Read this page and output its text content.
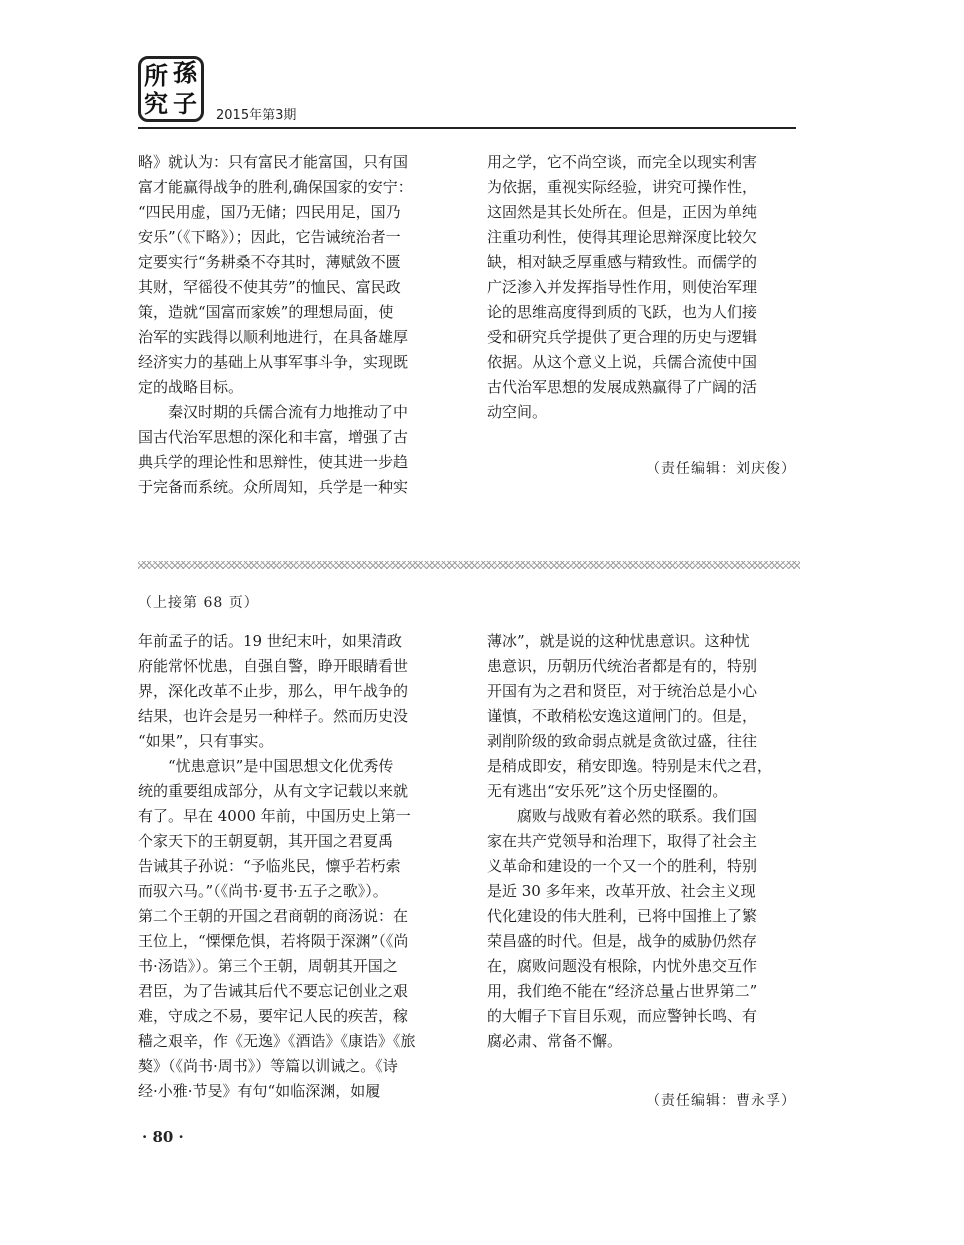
所 孫
究 子 2015年第3期

略》就认为：只有富民才能富国，只有国

富才能赢得战争的胜利,确保国家的安宁：

“四民用虚，国乃无储；四民用足，国乃

安乐”（《下略》）；因此，它告诫统治者一

定要实行“务耕桑不夺其时，薄赋敛不匮

其财，罕徭役不使其劳”的恤民、富民政

策，造就“国富而家娭”的理想局面，使

治军的实践得以顺利地进行，在具备雄厚

经济实力的基础上从事军事斗争，实现既

定的战略目标。

　　秦汉时期的兵儒合流有力地推动了中

国古代治军思想的深化和丰富，增强了古

典兵学的理论性和思辩性，使其进一步趋

于完备而系统。众所周知，兵学是一种实

用之学，它不尚空谈，而完全以现实利害

为依据，重视实际经验，讲究可操作性，

这固然是其长处所在。但是，正因为单纯

注重功利性，使得其理论思辩深度比较欠

缺，相对缺乏厚重感与精致性。而儒学的

广泛渗入并发挥指导性作用，则使治军理

论的思维高度得到质的飞跃，也为人们接

受和研究兵学提供了更合理的历史与逻辑

依据。从这个意义上说，兵儒合流使中国

古代治军思想的发展成熟赢得了广阔的活

动空间。

（责任编辑：刘庆俊）
（上接第 68 页）

年前孟子的话。19 世纪末叶，如果清政

府能常怀忧患，自强自警，睁开眼睛看世

界，深化改革不止步，那么，甲午战争的

结果，也许会是另一种样子。然而历史没

“如果”，只有事实。

　　“忧患意识”是中国思想文化优秀传

统的重要组成部分，从有文字记载以来就

有了。早在 4000 年前，中国历史上第一

个家天下的王朝夏朝，其开国之君夏禹

告诫其子孙说：“予临兆民，懔乎若朽索

而驭六马。”（《尚书·夏书·五子之歌》）。

第二个王朝的开国之君商朝的商汤说：在

王位上，“慄慄危惧，若将陨于深渊”（《尚

书·汤诰》）。第三个王朝，周朝其开国之

君臣，为了告诫其后代不要忘记创业之艰

难，守成之不易，要牢记人民的疾苦，稼

穑之艰辛，作《无逸》《酒诰》《康诰》《旅

獒》（《尚书·周书》）等篇以训诫之。《诗

经·小雅·节旻》有句“如临深渊，如履

薄冰”，就是说的这种忧患意识。这种忧

患意识，历朝历代统治者都是有的，特别

开国有为之君和贤臣，对于统治总是小心

谨慎，不敢稍松安逸这道闸门的。但是，

剥削阶级的致命弱点就是贪欲过盛，往往

是稍成即安，稍安即逸。特别是末代之君，

无有逃出“安乐死”这个历史怪圈的。

　　腐败与战败有着必然的联系。我们国

家在共产党领导和治理下，取得了社会主

义革命和建设的一个又一个的胜利，特别

是近 30 多年来，改革开放、社会主义现

代化建设的伟大胜利，已将中国推上了繁

荣昌盛的时代。但是，战争的威胁仍然存

在，腐败问题没有根除，内忧外患交互作

用，我们绝不能在“经济总量占世界第二”

的大帽子下盲目乐观，而应警钟长鸣、有

腐必肃、常备不懈。

（责任编辑：曹永孚）
· 80 ·
